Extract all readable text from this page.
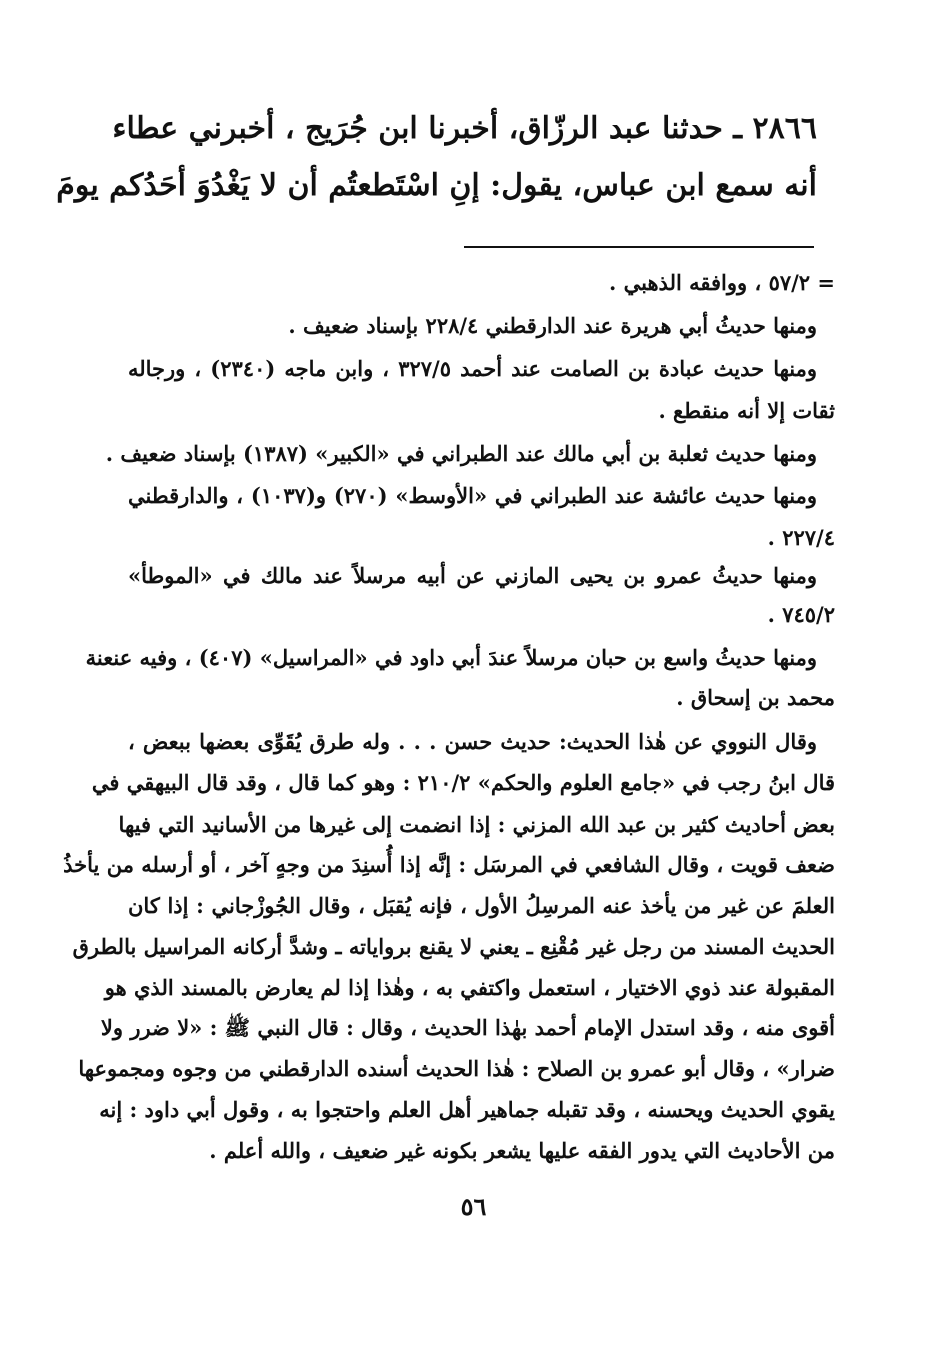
٢٨٦٦ ـ حدثنا عبد الرزّاق، أخبرنا ابن جُرَيج ، أخبرني عطاء
أنه سمع ابن عباس، يقول: إنِ اسْتَطعتُم أن لا يَغْدُوَ أحَدُكم يومَ
= ٥٧/٢ ، ووافقه الذهبي .
ومنها حديثُ أبي هريرة عند الدارقطني ٢٢٨/٤ بإسناد ضعيف .
ومنها حديث عبادة بن الصامت عند أحمد ٣٢٧/٥ ، وابن ماجه (٢٣٤٠) ، ورجاله
ثقات إلا أنه منقطع .
ومنها حديث ثعلبة بن أبي مالك عند الطبراني في «الكبير» (١٣٨٧) بإسناد ضعيف .
ومنها حديث عائشة عند الطبراني في «الأوسط» (٢٧٠) و(١٠٣٧) ، والدارقطني
٢٢٧/٤ .
ومنها حديثُ عمرو بن يحيى المازني عن أبيه مرسلاً عند مالك في «الموطأ»
٧٤٥/٢ .
ومنها حديثُ واسع بن حبان مرسلاً عندَ أبي داود في «المراسيل» (٤٠٧) ، وفيه عنعنة
محمد بن إسحاق .
وقال النووي عن هٰذا الحديث: حديث حسن . . . وله طرق يُقَوِّى بعضها ببعض ،
قال ابنُ رجب في «جامع العلوم والحكم» ٢١٠/٢ : وهو كما قال ، وقد قال البيهقي في
بعض أحاديث كثير بن عبد الله المزني : إذا انضمت إلى غيرها من الأسانيد التي فيها
ضعف قويت ، وقال الشافعي في المرسَل : إنَّه إذا أُسنِدَ من وجهٍ آخر ، أو أرسله من يأخذُ
العلمَ عن غير من يأخذ عنه المرسِلُ الأول ، فإنه يُقبَل ، وقال الجُوزْجاني : إذا كان
الحديث المسند من رجل غير مُقْنِع ـ يعني لا يقنع برواياته ـ وشدَّ أركانه المراسيل بالطرق
المقبولة عند ذوي الاختيار ، استعمل واكتفي به ، وهٰذا إذا لم يعارض بالمسند الذي هو
أقوى منه ، وقد استدل الإمام أحمد بهٰذا الحديث ، وقال : قال النبي ﷺ : «لا ضرر ولا
ضرار» ، وقال أبو عمرو بن الصلاح : هٰذا الحديث أسنده الدارقطني من وجوه ومجموعها
يقوي الحديث ويحسنه ، وقد تقبله جماهير أهل العلم واحتجوا به ، وقول أبي داود : إنه
من الأحاديث التي يدور الفقه عليها يشعر بكونه غير ضعيف ، والله أعلم .
٥٦
